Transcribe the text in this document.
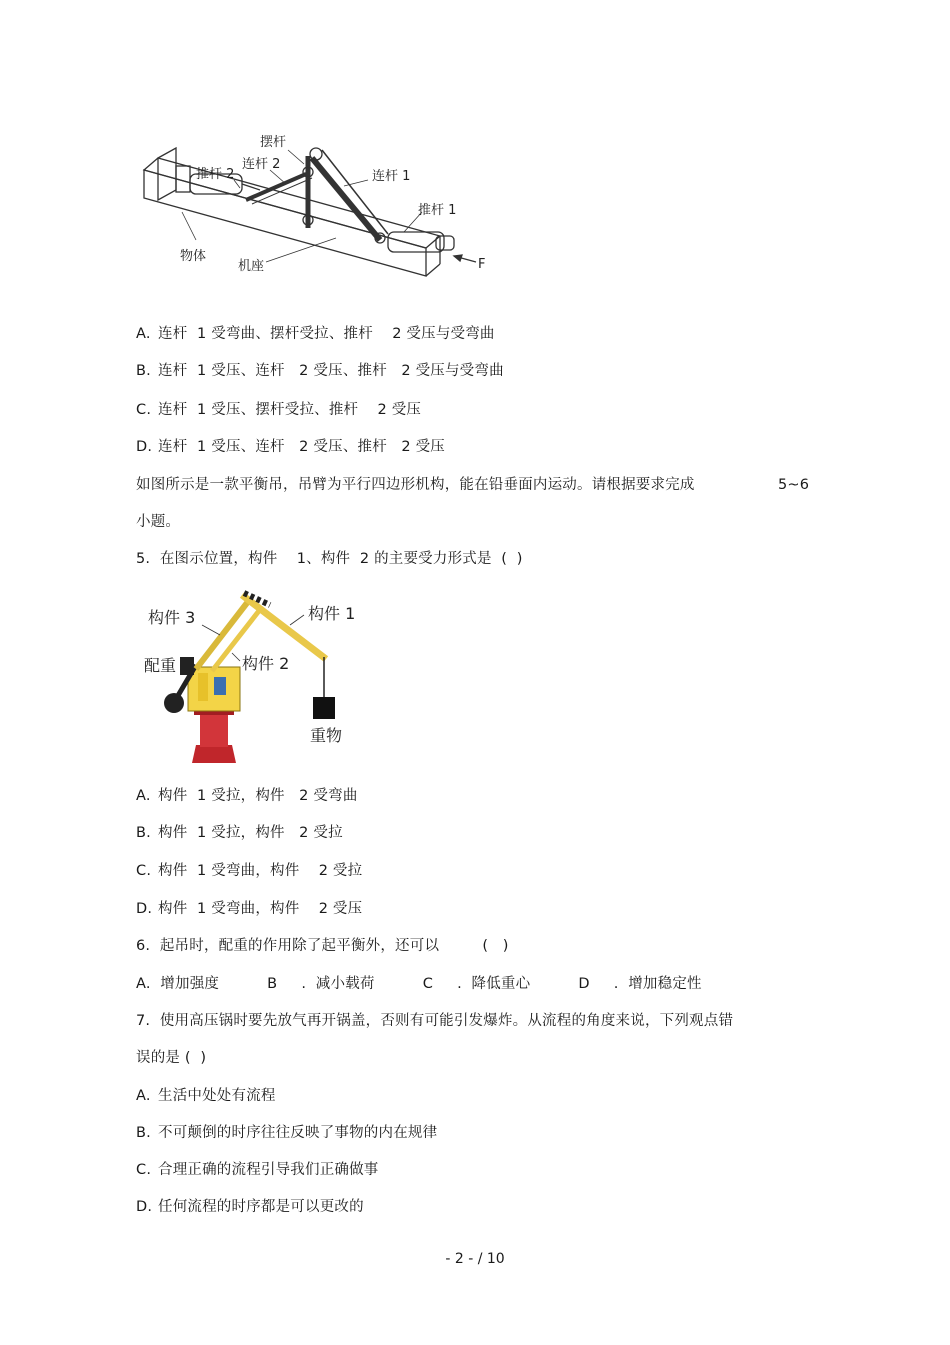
摆杆
连杆 2
推杆 2	连杆 1
推杆 1
物体
机座	F
A. 连杆  1 受弯曲、摆杆受拉、推杆    2 受压与受弯曲
B. 连杆  1 受压、连杆   2 受压、推杆   2 受压与受弯曲
C. 连杆  1 受压、摆杆受拉、推杆    2 受压
D. 连杆  1 受压、连杆   2 受压、推杆   2 受压
如图所示是一款平衡吊，吊臂为平行四边形机构，能在铅垂面内运动。请根据要求完成	5~6
小题。
5.  在图示位置，构件    1、构件  2 的主要受力形式是  (  )
构件 3	构件 1
构件 2
配重
重物
A. 构件  1 受拉，构件   2 受弯曲
B. 构件  1 受拉，构件   2 受拉
C. 构件  1 受弯曲，构件    2 受拉
D. 构件  1 受弯曲，构件    2 受压
6.  起吊时，配重的作用除了起平衡外，还可以         (   )
A.  增加强度          B     .  减小载荷          C     .  降低重心          D     .  增加稳定性
7.  使用高压锅时要先放气再开锅盖，否则有可能引发爆炸。从流程的角度来说，下列观点错
误的是 (  )
A. 生活中处处有流程
B. 不可颠倒的时序往往反映了事物的内在规律
C. 合理正确的流程引导我们正确做事
D. 任何流程的时序都是可以更改的
- 2 - / 10
